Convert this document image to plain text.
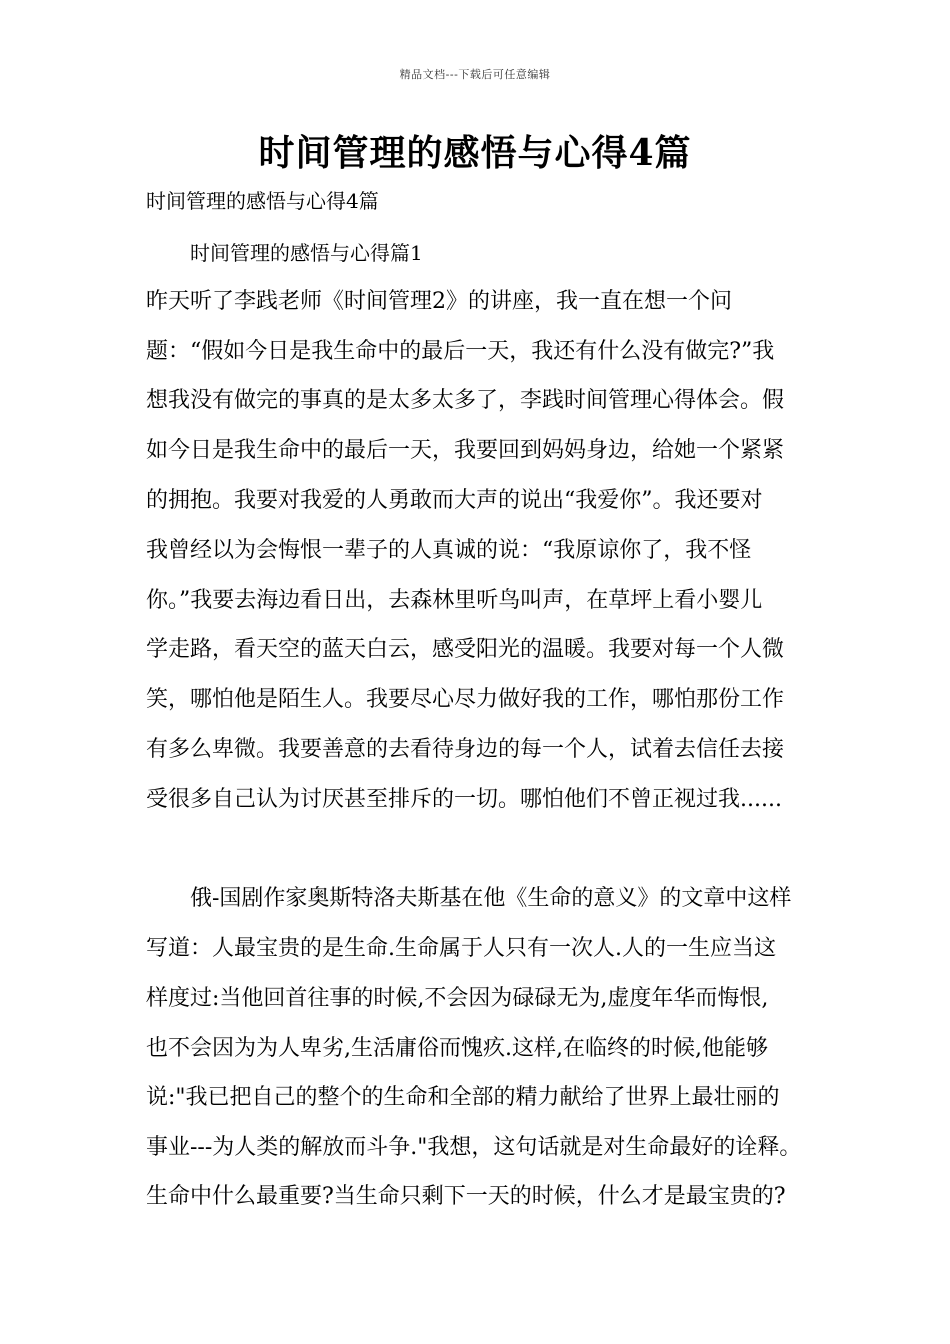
精品文档---下载后可任意编辑
时间管理的感悟与心得4篇
时间管理的感悟与心得4篇
时间管理的感悟与心得篇1
昨天听了李践老师《时间管理2》的讲座，我一直在想一个问
题：“假如今日是我生命中的最后一天，我还有什么没有做完?”我
想我没有做完的事真的是太多太多了，李践时间管理心得体会。假
如今日是我生命中的最后一天，我要回到妈妈身边，给她一个紧紧
的拥抱。我要对我爱的人勇敢而大声的说出“我爱你”。我还要对
我曾经以为会悔恨一辈子的人真诚的说：“我原谅你了，我不怪
你。”我要去海边看日出，去森林里听鸟叫声，在草坪上看小婴儿
学走路，看天空的蓝天白云，感受阳光的温暖。我要对每一个人微
笑，哪怕他是陌生人。我要尽心尽力做好我的工作，哪怕那份工作
有多么卑微。我要善意的去看待身边的每一个人，试着去信任去接
受很多自己认为讨厌甚至排斥的一切。哪怕他们不曾正视过我......
俄-国剧作家奥斯特洛夫斯基在他《生命的意义》的文章中这样
写道：人最宝贵的是生命.生命属于人只有一次人.人的一生应当这
样度过:当他回首往事的时候,不会因为碌碌无为,虚度年华而悔恨,
也不会因为为人卑劣,生活庸俗而愧疚.这样,在临终的时候,他能够
说:"我已把自己的整个的生命和全部的精力献给了世界上最壮丽的
事业---为人类的解放而斗争."我想，这句话就是对生命最好的诠释。
生命中什么最重要?当生命只剩下一天的时候，什么才是最宝贵的?
